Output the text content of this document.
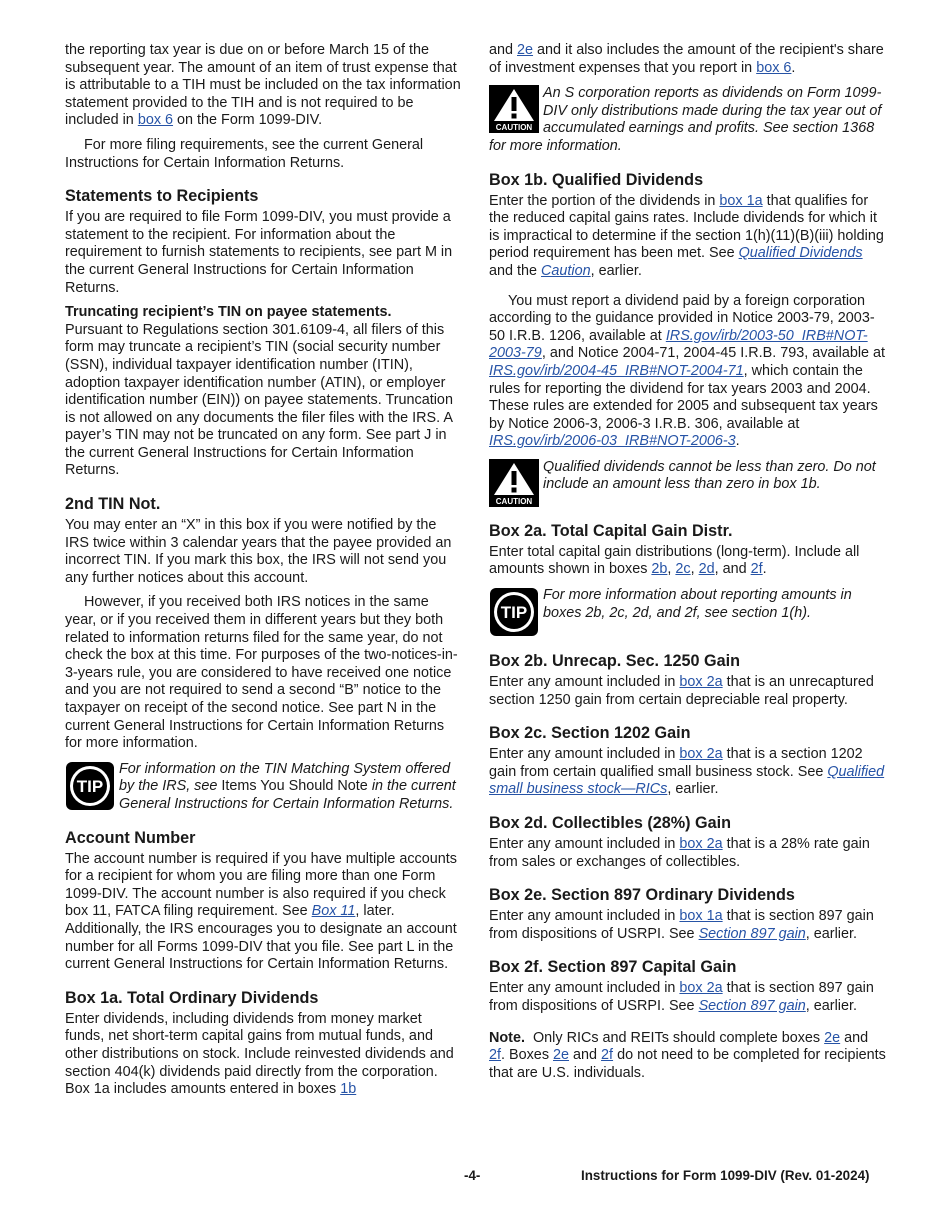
the reporting tax year is due on or before March 15 of the subsequent year. The amount of an item of trust expense that is attributable to a TIH must be included on the tax information statement provided to the TIH and is not required to be included in box 6 on the Form 1099-DIV.

For more filing requirements, see the current General Instructions for Certain Information Returns.

Statements to Recipients

If you are required to file Form 1099-DIV, you must provide a statement to the recipient. For information about the requirement to furnish statements to recipients, see part M in the current General Instructions for Certain Information Returns.

Truncating recipient’s TIN on payee statements.
Pursuant to Regulations section 301.6109-4, all filers of this form may truncate a recipient’s TIN (social security number (SSN), individual taxpayer identification number (ITIN), adoption taxpayer identification number (ATIN), or employer identification number (EIN)) on payee statements. Truncation is not allowed on any documents the filer files with the IRS. A payer’s TIN may not be truncated on any form. See part J in the current General Instructions for Certain Information Returns.

2nd TIN Not.

You may enter an “X” in this box if you were notified by the IRS twice within 3 calendar years that the payee provided an incorrect TIN. If you mark this box, the IRS will not send you any further notices about this account.

However, if you received both IRS notices in the same year, or if you received them in different years but they both related to information returns filed for the same year, do not check the box at this time. For purposes of the two-notices-in-3-years rule, you are considered to have received one notice and you are not required to send a second “B” notice to the taxpayer on receipt of the second notice. See part N in the current General Instructions for Certain Information Returns for more information.

TIP
For information on the TIN Matching System offered by the IRS, see Items You Should Note in the current General Instructions for Certain Information Returns.
Account Number

The account number is required if you have multiple accounts for a recipient for whom you are filing more than one Form 1099-DIV. The account number is also required if you check box 11, FATCA filing requirement. See Box 11, later. Additionally, the IRS encourages you to designate an account number for all Forms 1099-DIV that you file. See part L in the current General Instructions for Certain Information Returns.

Box 1a. Total Ordinary Dividends

Enter dividends, including dividends from money market funds, net short-term capital gains from mutual funds, and other distributions on stock. Include reinvested dividends and section 404(k) dividends paid directly from the corporation. Box 1a includes amounts entered in boxes 1b

and 2e and it also includes the amount of the recipient's share of investment expenses that you report in box 6.

CAUTION
An S corporation reports as dividends on Form 1099-DIV only distributions made during the tax year out of accumulated earnings and profits. See section 1368 for more information.
Box 1b. Qualified Dividends

Enter the portion of the dividends in box 1a that qualifies for the reduced capital gains rates. Include dividends for which it is impractical to determine if the section 1(h)(11)(B)(iii) holding period requirement has been met. See Qualified Dividends and the Caution, earlier.

You must report a dividend paid by a foreign corporation according to the guidance provided in Notice 2003-79, 2003-50 I.R.B. 1206, available at IRS.gov/irb/2003-50_IRB#NOT-2003-79, and Notice 2004-71, 2004-45 I.R.B. 793, available at IRS.gov/irb/2004-45_IRB#NOT-2004-71, which contain the rules for reporting the dividend for tax years 2003 and 2004. These rules are extended for 2005 and subsequent tax years by Notice 2006-3, 2006-3 I.R.B. 306, available at IRS.gov/irb/2006-03_IRB#NOT-2006-3.

CAUTION
Qualified dividends cannot be less than zero. Do not include an amount less than zero in box 1b.
Box 2a. Total Capital Gain Distr.

Enter total capital gain distributions (long-term). Include all amounts shown in boxes 2b, 2c, 2d, and 2f.

TIP
For more information about reporting amounts in boxes 2b, 2c, 2d, and 2f, see section 1(h).
Box 2b. Unrecap. Sec. 1250 Gain

Enter any amount included in box 2a that is an unrecaptured section 1250 gain from certain depreciable real property.

Box 2c. Section 1202 Gain

Enter any amount included in box 2a that is a section 1202 gain from certain qualified small business stock. See Qualified small business stock—RICs, earlier.

Box 2d. Collectibles (28%) Gain

Enter any amount included in box 2a that is a 28% rate gain from sales or exchanges of collectibles.

Box 2e. Section 897 Ordinary Dividends

Enter any amount included in box 1a that is section 897 gain from dispositions of USRPI. See Section 897 gain, earlier.

Box 2f. Section 897 Capital Gain

Enter any amount included in box 2a that is section 897 gain from dispositions of USRPI. See Section 897 gain, earlier.

Note. Only RICs and REITs should complete boxes 2e and 2f. Boxes 2e and 2f do not need to be completed for recipients that are U.S. individuals.

-4-	Instructions for Form 1099-DIV (Rev. 01-2024)
